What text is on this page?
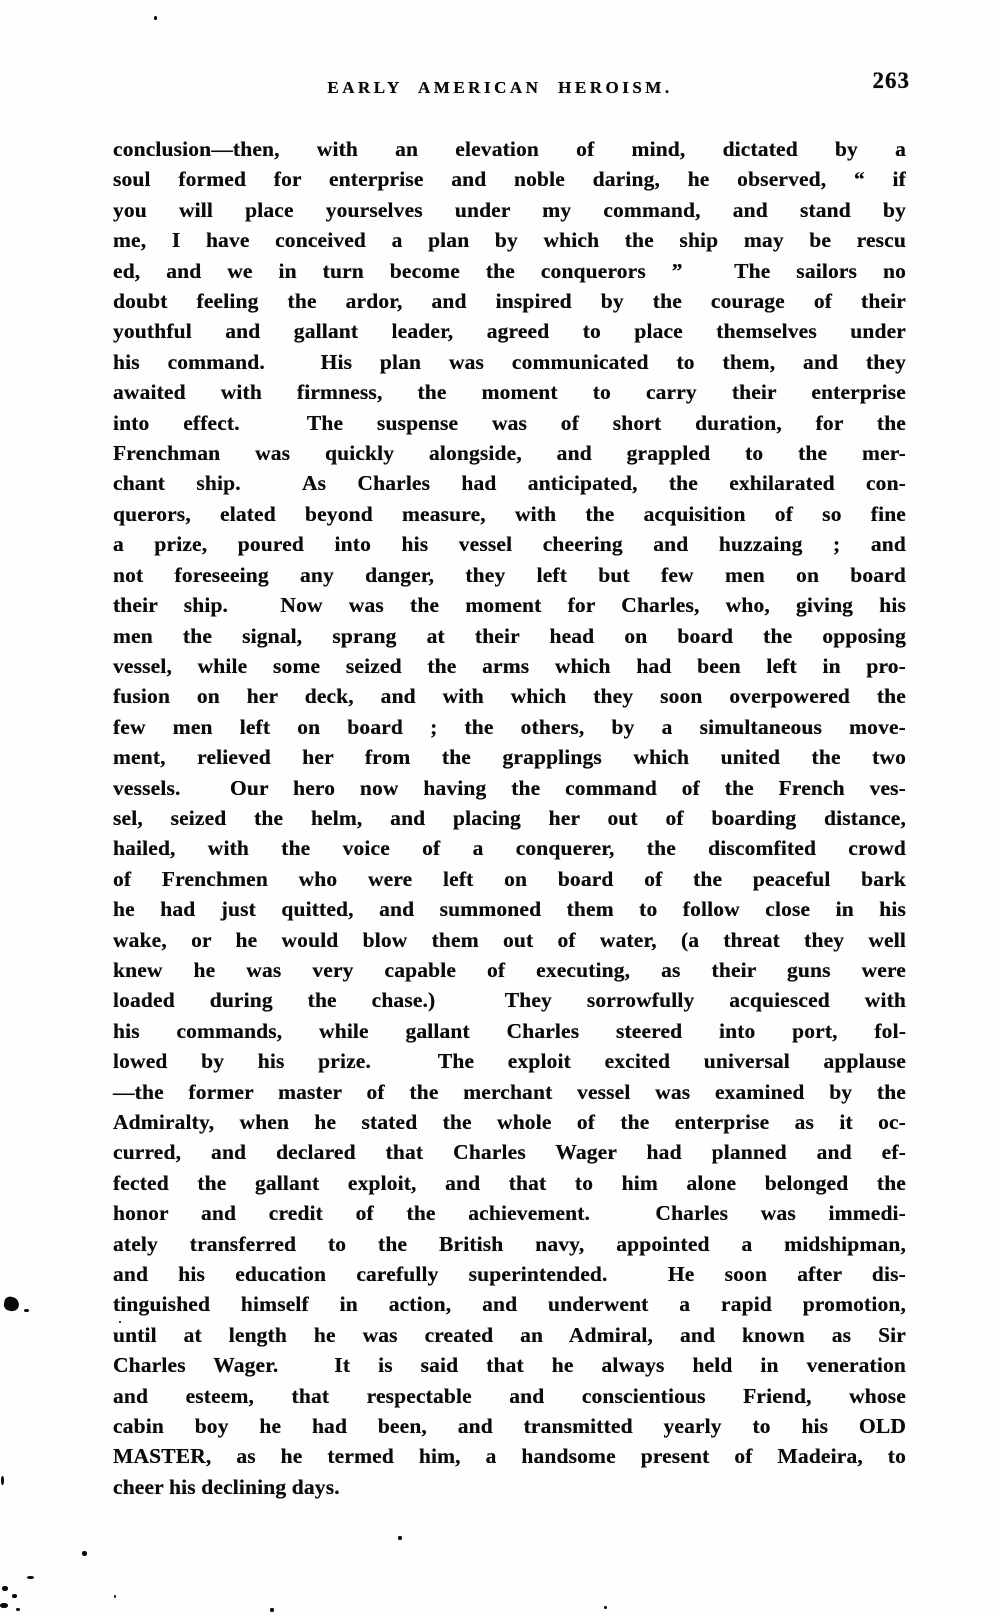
EARLY AMERICAN HEROISM.	263
conclusion—then, with an elevation of mind, dictated by a
soul formed for enterprise and noble daring, he observed, “ if
you will place yourselves under my command, and stand by
me, I have conceived a plan by which the ship may be rescu
ed, and we in turn become the conquerors ”  The sailors no
doubt feeling the ardor, and inspired by the courage of their
youthful and gallant leader, agreed to place themselves under
his command.  His plan was communicated to them, and they
awaited with firmness, the moment to carry their enterprise
into effect.  The suspense was of short duration, for the
Frenchman was quickly alongside, and grappled to the mer-
chant ship.  As Charles had anticipated, the exhilarated con-
querors, elated beyond measure, with the acquisition of so fine
a prize, poured into his vessel cheering and huzzaing ; and
not foreseeing any danger, they left but few men on board
their ship.  Now was the moment for Charles, who, giving his
men the signal, sprang at their head on board the opposing
vessel, while some seized the arms which had been left in pro-
fusion on her deck, and with which they soon overpowered the
few men left on board ; the others, by a simultaneous move-
ment, relieved her from the grapplings which united the two
vessels.  Our hero now having the command of the French ves-
sel, seized the helm, and placing her out of boarding distance,
hailed, with the voice of a conquerer, the discomfited crowd
of Frenchmen who were left on board of the peaceful bark
he had just quitted, and summoned them to follow close in his
wake, or he would blow them out of water, (a threat they well
knew he was very capable of executing, as their guns were
loaded during the chase.)  They sorrowfully acquiesced with
his commands, while gallant Charles steered into port, fol-
lowed by his prize.  The exploit excited universal applause
—the former master of the merchant vessel was examined by the
Admiralty, when he stated the whole of the enterprise as it oc-
curred, and declared that Charles Wager had planned and ef-
fected the gallant exploit, and that to him alone belonged the
honor and credit of the achievement.  Charles was immedi-
ately transferred to the British navy, appointed a midshipman,
and his education carefully superintended.  He soon after dis-
tinguished himself in action, and underwent a rapid promotion,
until at length he was created an Admiral, and known as Sir
Charles Wager.  It is said that he always held in veneration
and esteem, that respectable and conscientious Friend, whose
cabin boy he had been, and transmitted yearly to his OLD
MASTER, as he termed him, a handsome present of Madeira, to
cheer his declining days.
